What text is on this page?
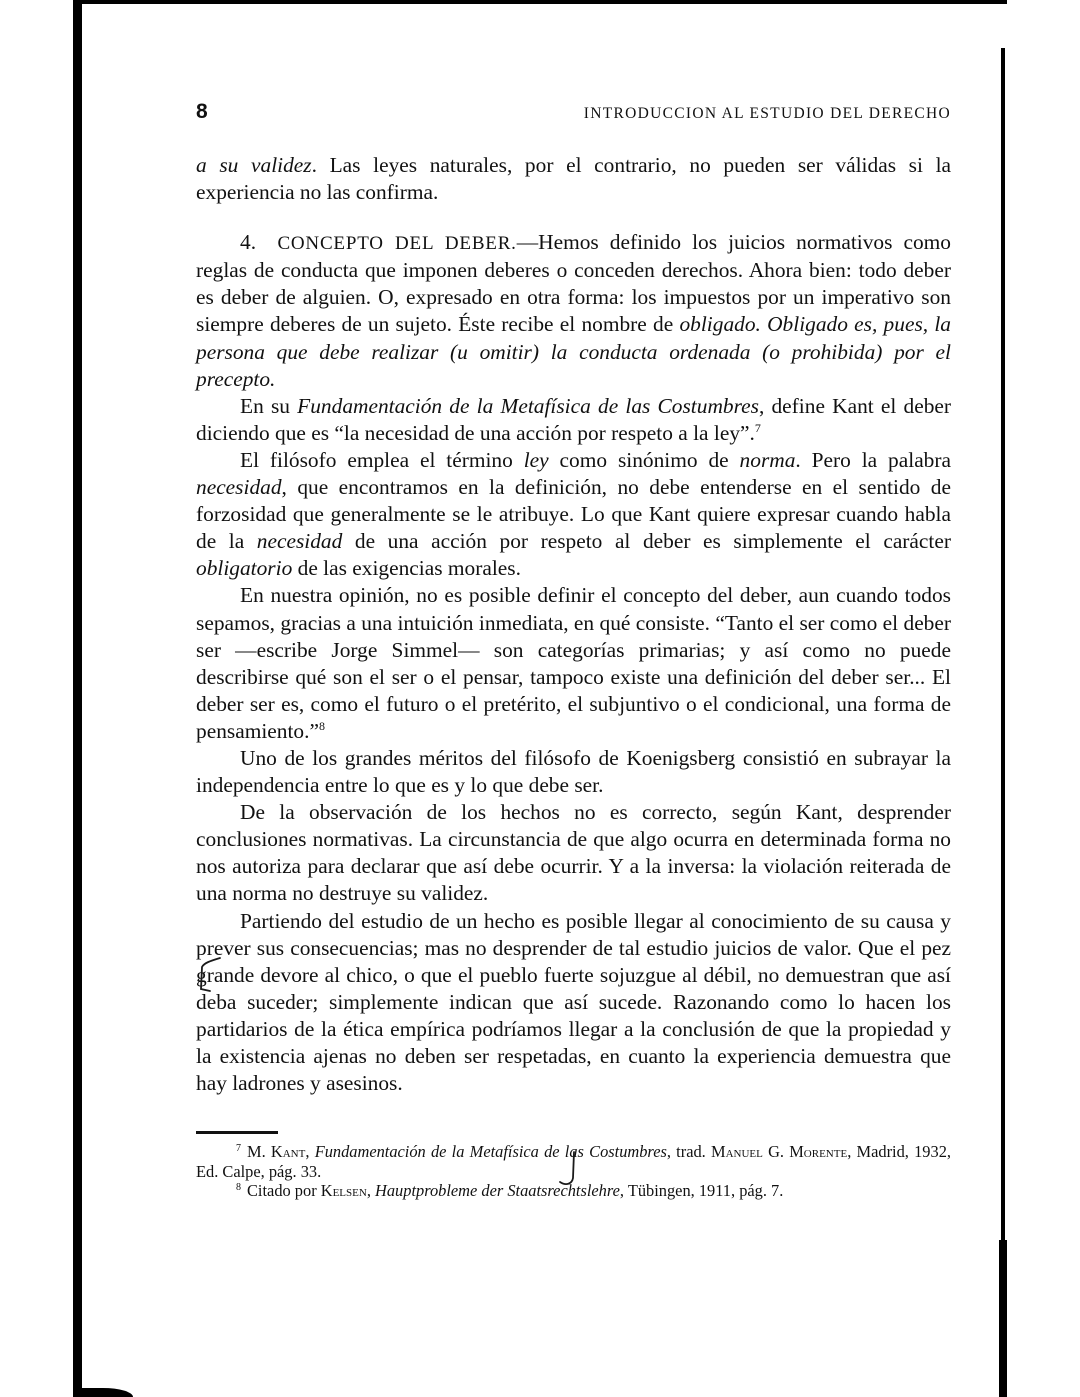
8	INTRODUCCION AL ESTUDIO DEL DERECHO

a su validez. Las leyes naturales, por el contrario, no pueden ser válidas si la experiencia no las confirma.

4. CONCEPTO DEL DEBER.—Hemos definido los juicios normativos como reglas de conducta que imponen deberes o conceden derechos. Ahora bien: todo deber es deber de alguien. O, expresado en otra forma: los impuestos por un imperativo son siempre deberes de un sujeto. Éste recibe el nombre de obligado. Obligado es, pues, la persona que debe realizar (u omitir) la conducta ordenada (o prohibida) por el precepto.

En su Fundamentación de la Metafísica de las Costumbres, define Kant el deber diciendo que es “la necesidad de una acción por respeto a la ley”.$^7$

El filósofo emplea el término ley como sinónimo de norma. Pero la palabra necesidad, que encontramos en la definición, no debe entenderse en el sentido de forzosidad que generalmente se le atribuye. Lo que Kant quiere expresar cuando habla de la necesidad de una acción por respeto al deber es simplemente el carácter obligatorio de las exigencias morales.

En nuestra opinión, no es posible definir el concepto del deber, aun cuando todos sepamos, gracias a una intuición inmediata, en qué consiste. “Tanto el ser como el deber ser —escribe Jorge Simmel— son categorías primarias; y así como no puede describirse qué son el ser o el pensar, tampoco existe una definición del deber ser... El deber ser es, como el futuro o el pretérito, el subjuntivo o el condicional, una forma de pensamiento.”$^8$

Uno de los grandes méritos del filósofo de Koenigsberg consistió en subrayar la independencia entre lo que es y lo que debe ser.

De la observación de los hechos no es correcto, según Kant, desprender conclusiones normativas. La circunstancia de que algo ocurra en determinada forma no nos autoriza para declarar que así debe ocurrir. Y a la inversa: la violación reiterada de una norma no destruye su validez.

Partiendo del estudio de un hecho es posible llegar al conocimiento de su causa y prever sus consecuencias; mas no desprender de tal estudio juicios de valor. Que el pez grande devore al chico, o que el pueblo fuerte sojuzgue al débil, no demuestran que así deba suceder; simplemente indican que así sucede. Razonando como lo hacen los partidarios de la ética empírica podríamos llegar a la conclusión de que la propiedad y la existencia ajenas no deben ser respetadas, en cuanto la experiencia demuestra que hay ladrones y asesinos.

$^7$ M. Kant, Fundamentación de la Metafísica de las Costumbres, trad. Manuel G. Morente, Madrid, 1932, Ed. Calpe, pág. 33.

$^8$ Citado por Kelsen, Hauptprobleme der Staatsrechtslehre, Tübingen, 1911, pág. 7.
